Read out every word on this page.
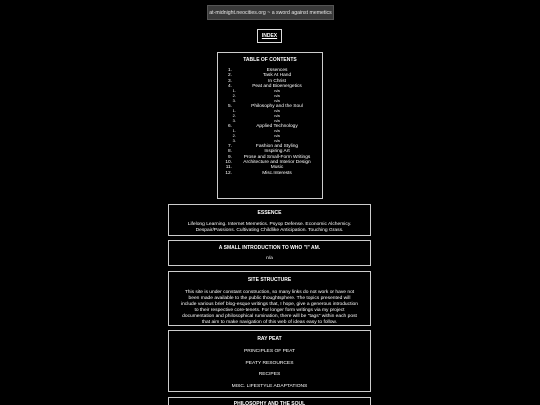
at-midnight.neocities.org ~ a sword against memetics
INDEX
TABLE OF CONTENTS
1.	Essences
2.	Task At Hand
3.	In Christ
4.	Peat and Bioenergetics
1.	n/a
2.	n/a
3.	n/a
5.	Philosophy and the Soul
1.	n/a
2.	n/a
3.	n/a
6.	Applied Technology
1.	n/a
2.	n/a
3.	n/a
7.	Fashion and Styling
8.	Inspiring Art
9.	Prose and Small-Form Writings
10.	Architecture and Interior Design
11.	Music
12.	Misc.Interests
ESSENCE
Lifelong Learning. Internet Memetics. Psyop Defense. Economic Alchemicy. Despair/Passions. Cultivating Childlike Anticipation. Touching Grass.
A SMALL INTRODUCTION TO WHO "I" AM.
n/a
SITE STRUCTURE
This site is under constant construction, so many links do not work or have not been made available to the public thoughtsphere. The topics presented will include various brief blog-esque writings that, I hope, give a generous introduction to their respective core-tenets. For longer form writings via my project documentation and philosophical rumination, there will be "tags" within each post that aim to make navigation of this web of ideas easy to follow.
RAY PEAT
PRINCIPLES OF PEAT
PEATY RESOURCES
RECIPES
MISC. LIFESTYLE ADAPTATIONS
PHILOSOPHY AND THE SOUL
